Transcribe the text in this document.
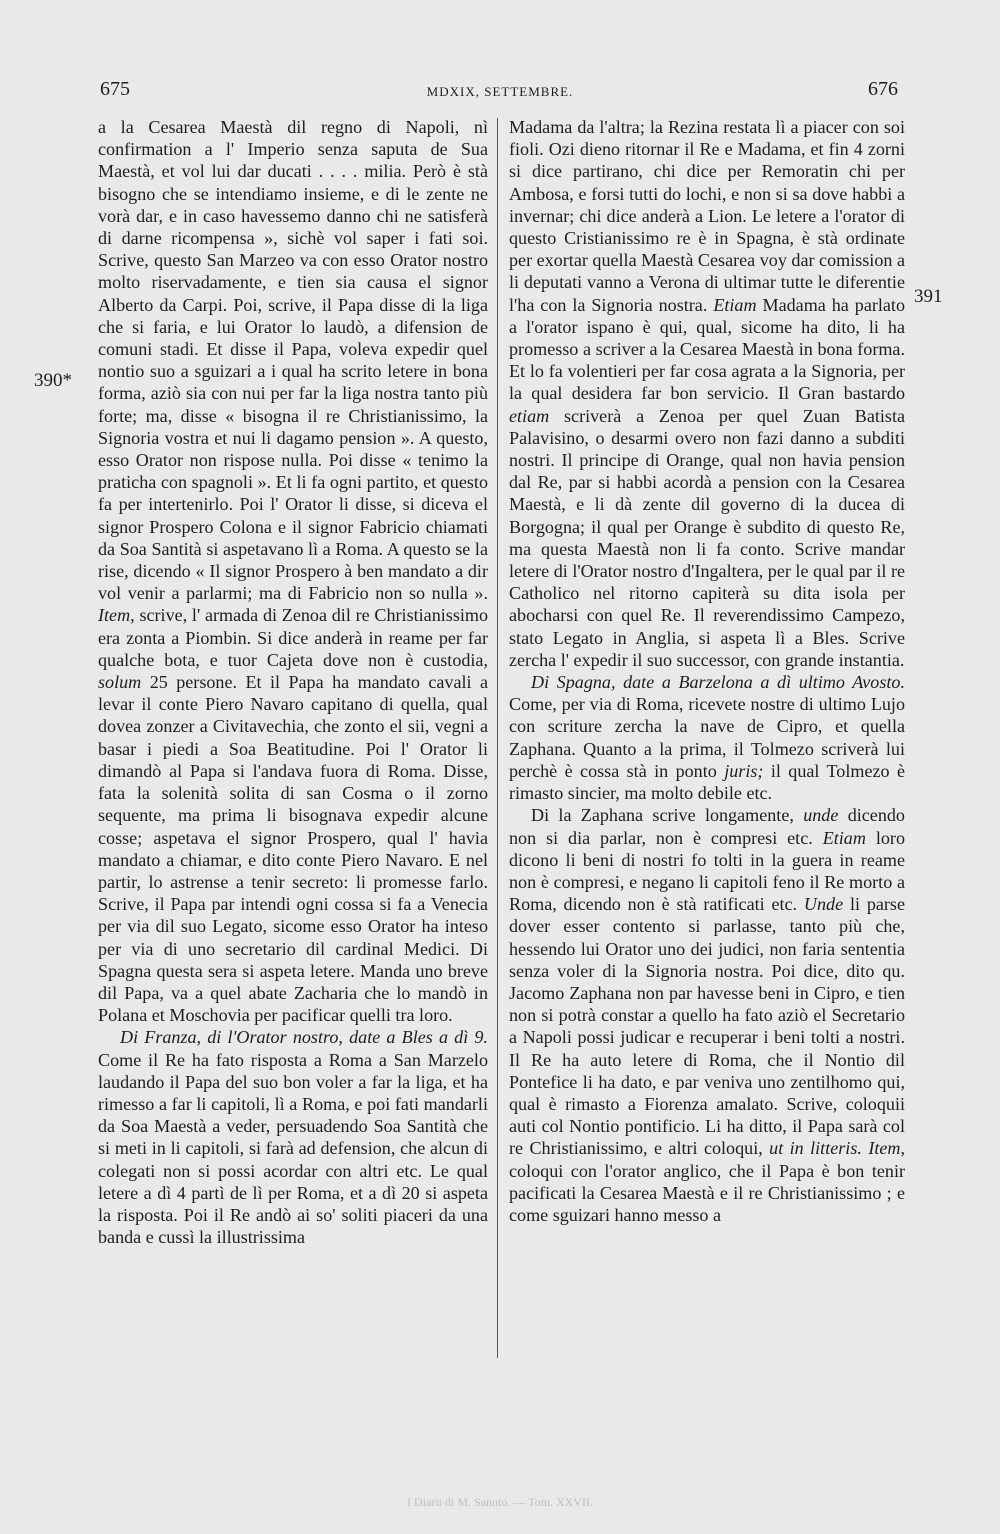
675	MDXIX, SETTEMBRE.	676
390*
391

a la Cesarea Maestà dil regno di Napoli, nì confirmation a l' Imperio senza saputa de Sua Maestà, et vol lui dar ducati . . . . milia. Però è stà bisogno che se intendiamo insieme, e di le zente ne vorà dar, e in caso havessemo danno chi ne satisferà di darne ricompensa », sichè vol saper i fati soi. Scrive, questo San Marzeo va con esso Orator nostro molto riservadamente, e tien sia causa el signor Alberto da Carpi. Poi, scrive, il Papa disse di la liga che si faria, e lui Orator lo laudò, a difension de comuni stadi. Et disse il Papa, voleva expedir quel nontio suo a sguizari a i qual ha scrito letere in bona forma, aziò sia con nui per far la liga nostra tanto più forte; ma, disse « bisogna il re Christianissimo, la Signoria vostra et nui li dagamo pension ». A questo, esso Orator non rispose nulla. Poi disse « tenimo la praticha con spagnoli ». Et li fa ogni partito, et questo fa per intertenirlo. Poi l' Orator li disse, si diceva el signor Prospero Colona e il signor Fabricio chiamati da Soa Santità si aspetavano lì a Roma. A questo se la rise, dicendo « Il signor Prospero à ben mandato a dir vol venir a parlarmi; ma di Fabricio non so nulla ». Item, scrive, l' armada di Zenoa dil re Christianissimo era zonta a Piombin. Si dice anderà in reame per far qualche bota, e tuor Cajeta dove non è custodia, solum 25 persone. Et il Papa ha mandato cavali a levar il conte Piero Navaro capitano di quella, qual dovea zonzer a Civitavechia, che zonto el sii, vegni a basar i piedi a Soa Beatitudine. Poi l' Orator li dimandò al Papa si l'andava fuora di Roma. Disse, fata la solenità solita di san Cosma o il zorno sequente, ma prima li bisognava expedir alcune cosse; aspetava el signor Prospero, qual l' havia mandato a chiamar, e dito conte Piero Navaro. E nel partir, lo astrense a tenir secreto: li promesse farlo. Scrive, il Papa par intendi ogni cossa si fa a Venecia per via dil suo Legato, sicome esso Orator ha inteso per via di uno secretario dil cardinal Medici. Di Spagna questa sera si aspeta letere. Manda uno breve dil Papa, va a quel abate Zacharia che lo mandò in Polana et Moschovia per pacificar quelli tra loro.

Di Franza, di l'Orator nostro, date a Bles a dì 9. Come il Re ha fato risposta a Roma a San Marzelo laudando il Papa del suo bon voler a far la liga, et ha rimesso a far li capitoli, lì a Roma, e poi fati mandarli da Soa Maestà a veder, persuadendo Soa Santità che si meti in li capitoli, si farà ad defension, che alcun di colegati non si possi acordar con altri etc. Le qual letere a dì 4 partì de lì per Roma, et a dì 20 si aspeta la risposta. Poi il Re andò ai so' soliti piaceri da una banda e cussì la illustrissima

Madama da l'altra; la Rezina restata lì a piacer con soi fioli. Ozi dieno ritornar il Re e Madama, et fin 4 zorni si dice partirano, chi dice per Remoratin chi per Ambosa, e forsi tutti do lochi, e non si sa dove habbi a invernar; chi dice anderà a Lion. Le letere a l'orator di questo Cristianissimo re è in Spagna, è stà ordinate per exortar quella Maestà Cesarea voy dar comission a li deputati vanno a Verona di ultimar tutte le diferentie l'ha con la Signoria nostra. Etiam Madama ha parlato a l'orator ispano è qui, qual, sicome ha dito, li ha promesso a scriver a la Cesarea Maestà in bona forma. Et lo fa volentieri per far cosa agrata a la Signoria, per la qual desidera far bon servicio. Il Gran bastardo etiam scriverà a Zenoa per quel Zuan Batista Palavisino, o desarmi overo non fazi danno a subditi nostri. Il principe di Orange, qual non havia pension dal Re, par si habbi acordà a pension con la Cesarea Maestà, e li dà zente dil governo di la ducea di Borgogna; il qual per Orange è subdito di questo Re, ma questa Maestà non li fa conto. Scrive mandar letere di l'Orator nostro d'Ingaltera, per le qual par il re Catholico nel ritorno capiterà su dita isola per abocharsi con quel Re. Il reverendissimo Campezo, stato Legato in Anglia, si aspeta lì a Bles. Scrive zercha l' expedir il suo successor, con grande instantia.

Di Spagna, date a Barzelona a dì ultimo Avosto. Come, per via di Roma, ricevete nostre di ultimo Lujo con scriture zercha la nave de Cipro, et quella Zaphana. Quanto a la prima, il Tolmezo scriverà lui perchè è cossa stà in ponto juris; il qual Tolmezo è rimasto sincier, ma molto debile etc.

Di la Zaphana scrive longamente, unde dicendo non si dia parlar, non è compresi etc. Etiam loro dicono li beni di nostri fo tolti in la guera in reame non è compresi, e negano li capitoli feno il Re morto a Roma, dicendo non è stà ratificati etc. Unde li parse dover esser contento si parlasse, tanto più che, hessendo lui Orator uno dei judici, non faria sententia senza voler di la Signoria nostra. Poi dice, dito qu. Jacomo Zaphana non par havesse beni in Cipro, e tien non si potrà constar a quello ha fato aziò el Secretario a Napoli possi judicar e recuperar i beni tolti a nostri. Il Re ha auto letere di Roma, che il Nontio dil Pontefice li ha dato, e par veniva uno zentilhomo qui, qual è rimasto a Fiorenza amalato. Scrive, coloquii auti col Nontio pontificio. Li ha ditto, il Papa sarà col re Christianissimo, e altri coloqui, ut in litteris. Item, coloqui con l'orator anglico, che il Papa è bon tenir pacificati la Cesarea Maestà e il re Christianissimo ; e come sguizari hanno messo a

I Diarii di M. Sanuto. — Tom. XXVII.
